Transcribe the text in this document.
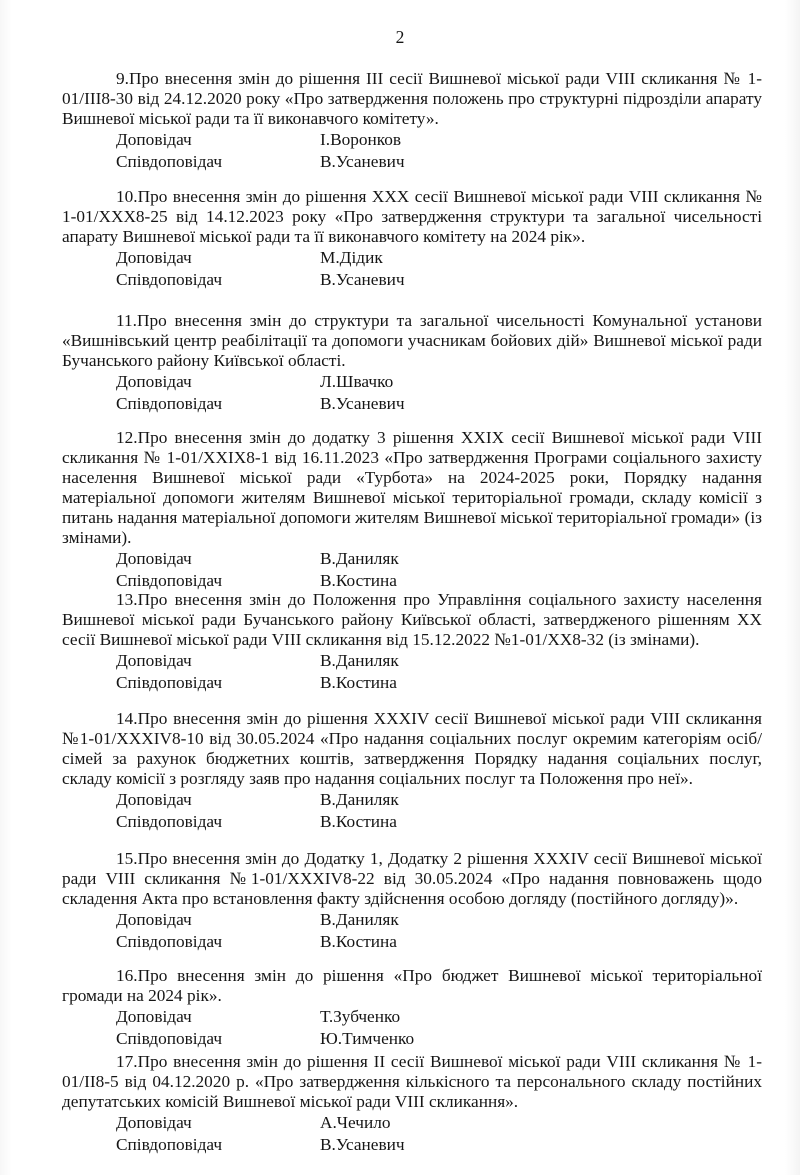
2

9.Про внесення змін до рішення III сесії Вишневої міської ради VIII скликання № 1-01/III8-30 від 24.12.2020 року «Про затвердження положень про структурні підрозділи апарату Вишневої міської ради та її виконавчого комітету».

Доповідач	І.Воронков
Співдоповідач	В.Усаневич

10.Про внесення змін до рішення XXX сесії Вишневої міської ради VIII скликання № 1-01/XXX8-25 від 14.12.2023 року «Про затвердження структури та загальної чисельності апарату Вишневої міської ради та її виконавчого комітету на 2024 рік».

Доповідач	М.Дідик
Співдоповідач	В.Усаневич

11.Про внесення змін до структури та загальної чисельності Комунальної установи «Вишнівський центр реабілітації та допомоги учасникам бойових дій» Вишневої міської ради Бучанського району Київської області.

Доповідач	Л.Швачко
Співдоповідач	В.Усаневич

12.Про внесення змін до додатку 3 рішення XXIX сесії Вишневої міської ради VIII скликання № 1-01/XXIX8-1 від 16.11.2023 «Про затвердження Програми соціального захисту населення Вишневої міської ради «Турбота» на 2024-2025 роки, Порядку надання матеріальної допомоги жителям Вишневої міської територіальної громади, складу комісії з питань надання матеріальної допомоги жителям Вишневої міської територіальної громади» (із змінами).

Доповідач	В.Даниляк
Співдоповідач	В.Костина

13.Про внесення змін до Положення про Управління соціального захисту населення Вишневої міської ради Бучанського району Київської області, затвердженого рішенням XX сесії Вишневої міської ради VIII скликання від 15.12.2022 №1-01/XX8-32 (із змінами).

Доповідач	В.Даниляк
Співдоповідач	В.Костина

14.Про внесення змін до рішення XXXIV сесії Вишневої міської ради VIII скликання №1-01/XXXIV8-10 від 30.05.2024 «Про надання соціальних послуг окремим категоріям осіб/сімей за рахунок бюджетних коштів, затвердження Порядку надання соціальних послуг, складу комісії з розгляду заяв про надання соціальних послуг та Положення про неї».

Доповідач	В.Даниляк
Співдоповідач	В.Костина

15.Про внесення змін до Додатку 1, Додатку 2 рішення XXXIV сесії Вишневої міської ради VIII скликання №1-01/XXXIV8-22 від 30.05.2024 «Про надання повноважень щодо складення Акта про встановлення факту здійснення особою догляду (постійного догляду)».

Доповідач	В.Даниляк
Співдоповідач	В.Костина

16.Про внесення змін до рішення «Про бюджет Вишневої міської територіальної громади на 2024 рік».

Доповідач	Т.Зубченко
Співдоповідач	Ю.Тимченко

17.Про внесення змін до рішення II сесії Вишневої міської ради VIII скликання № 1-01/II8-5 від 04.12.2020 р. «Про затвердження кількісного та персонального складу постійних депутатських комісій Вишневої міської ради VIII скликання».

Доповідач	А.Чечило
Співдоповідач	В.Усаневич
